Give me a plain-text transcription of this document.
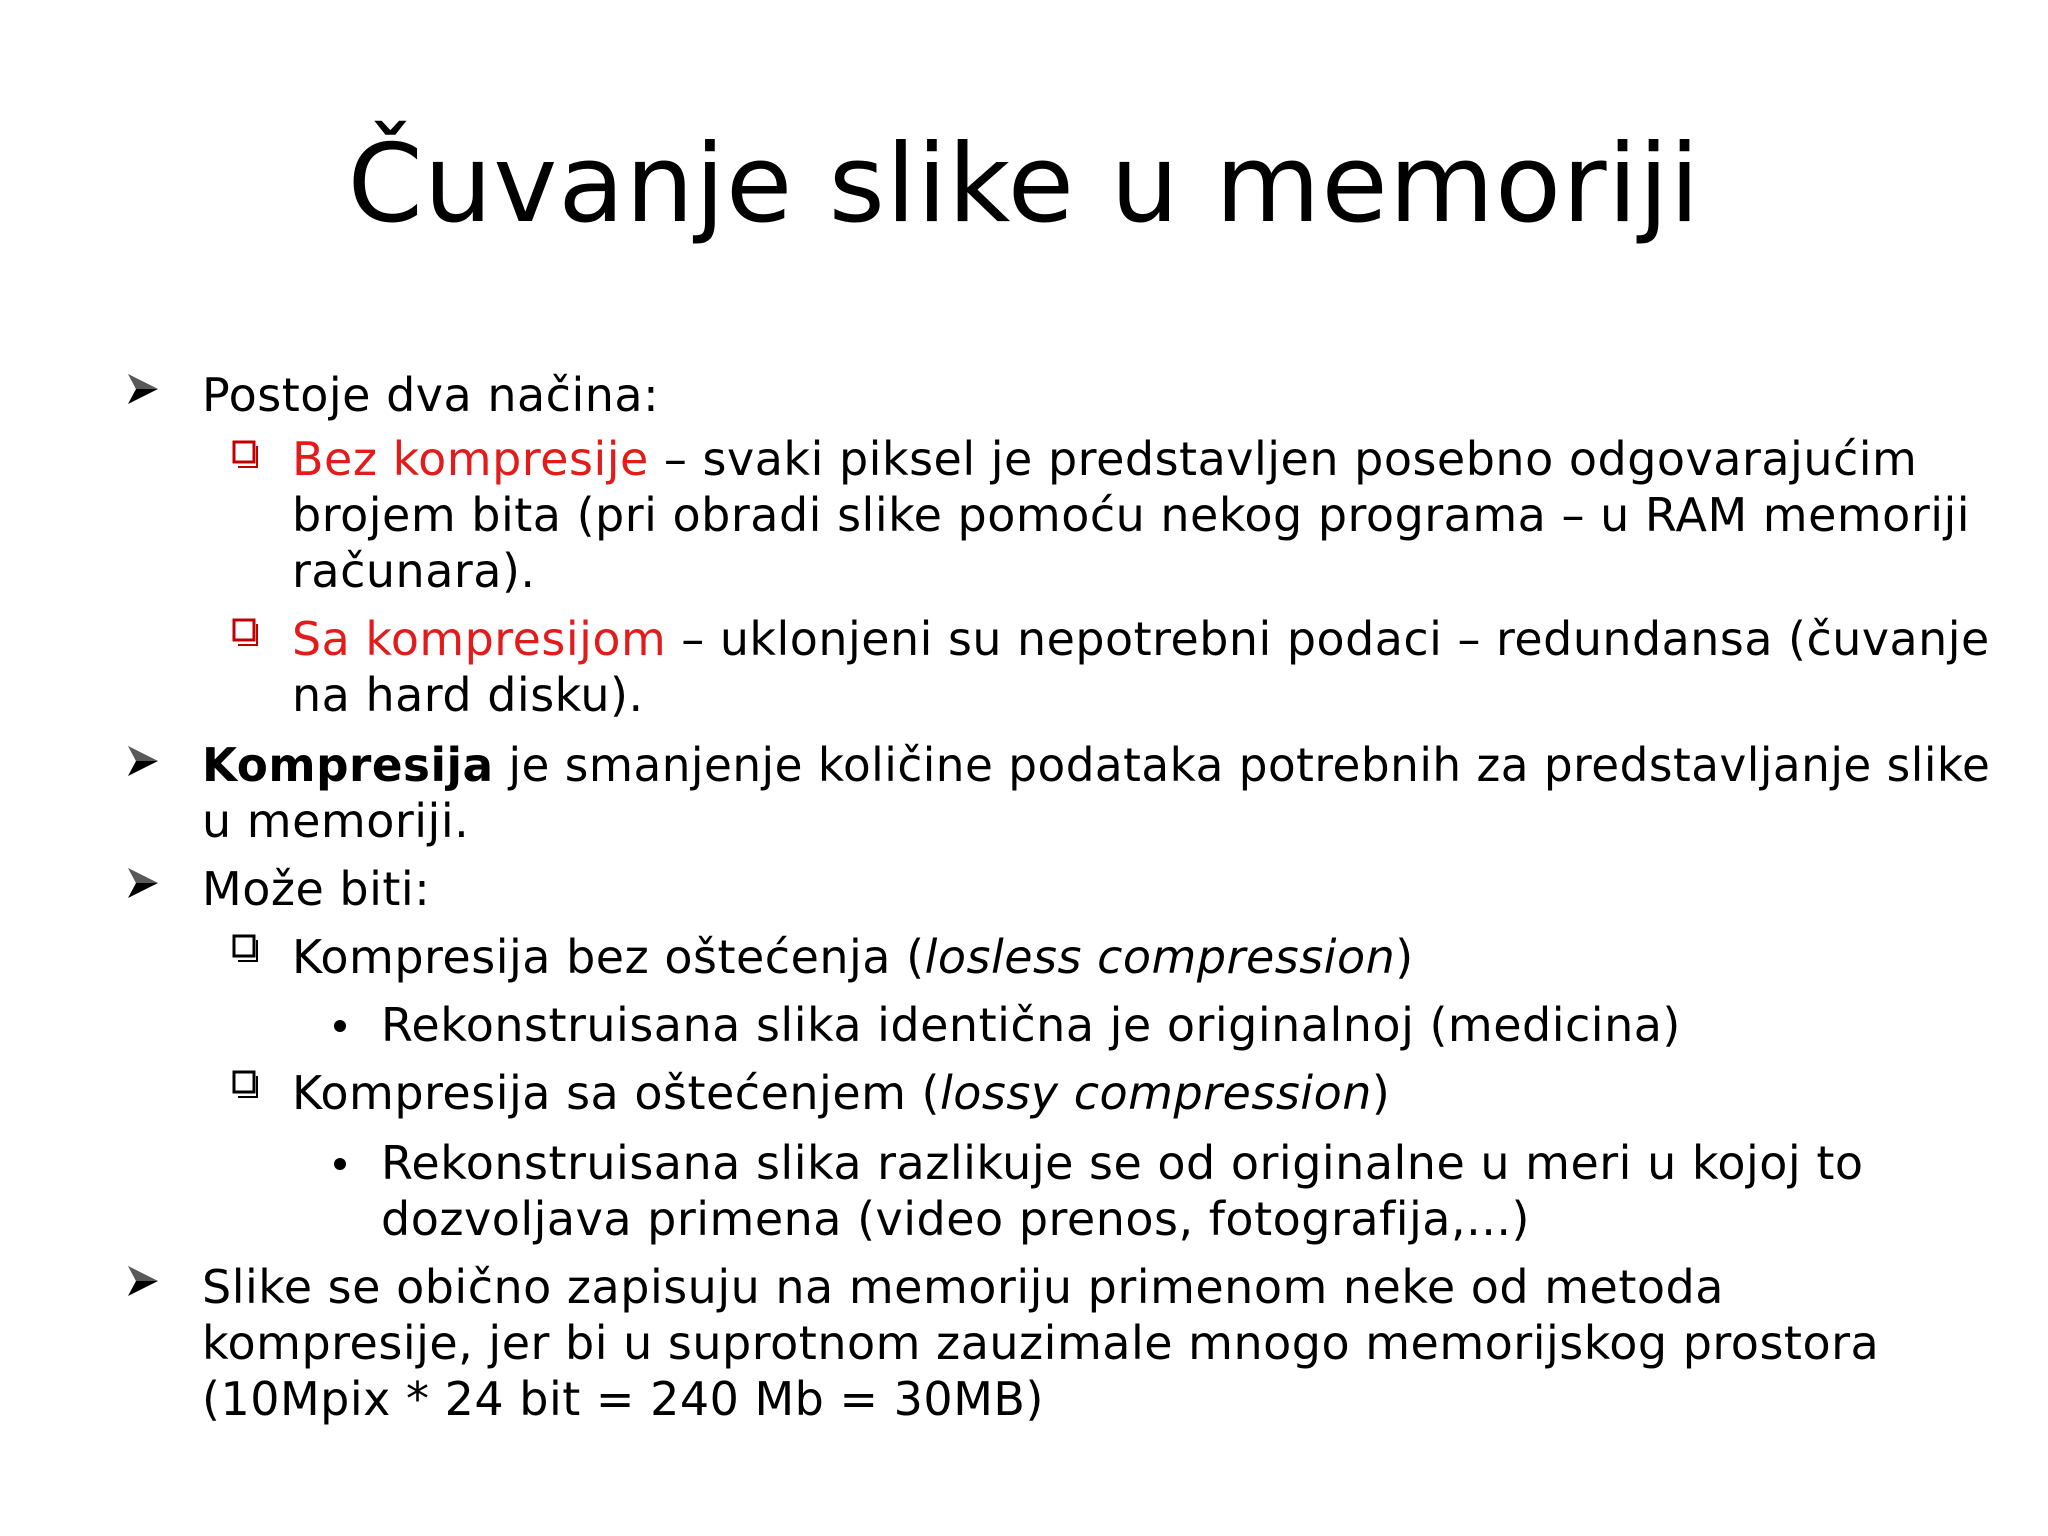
Čuvanje slike u memoriji
Postoje dva načina:
Bez kompresije – svaki piksel je predstavljen posebno odgovarajućim
brojem bita (pri obradi slike pomoću nekog programa – u RAM memoriji
računara).
Sa kompresijom – uklonjeni su nepotrebni podaci – redundansa (čuvanje
na hard disku).
Kompresija je smanjenje količine podataka potrebnih za predstavljanje slike
u memoriji.
Može biti:
Kompresija bez oštećenja (losless compression)
Rekonstruisana slika identična je originalnoj (medicina)
Kompresija sa oštećenjem (lossy compression)
Rekonstruisana slika razlikuje se od originalne u meri u kojoj to
dozvoljava primena (video prenos, fotografija,...)
Slike se obično zapisuju na memoriju primenom neke od metoda
kompresije, jer bi u suprotnom zauzimale mnogo memorijskog prostora
(10Mpix * 24 bit = 240 Mb = 30MB)
